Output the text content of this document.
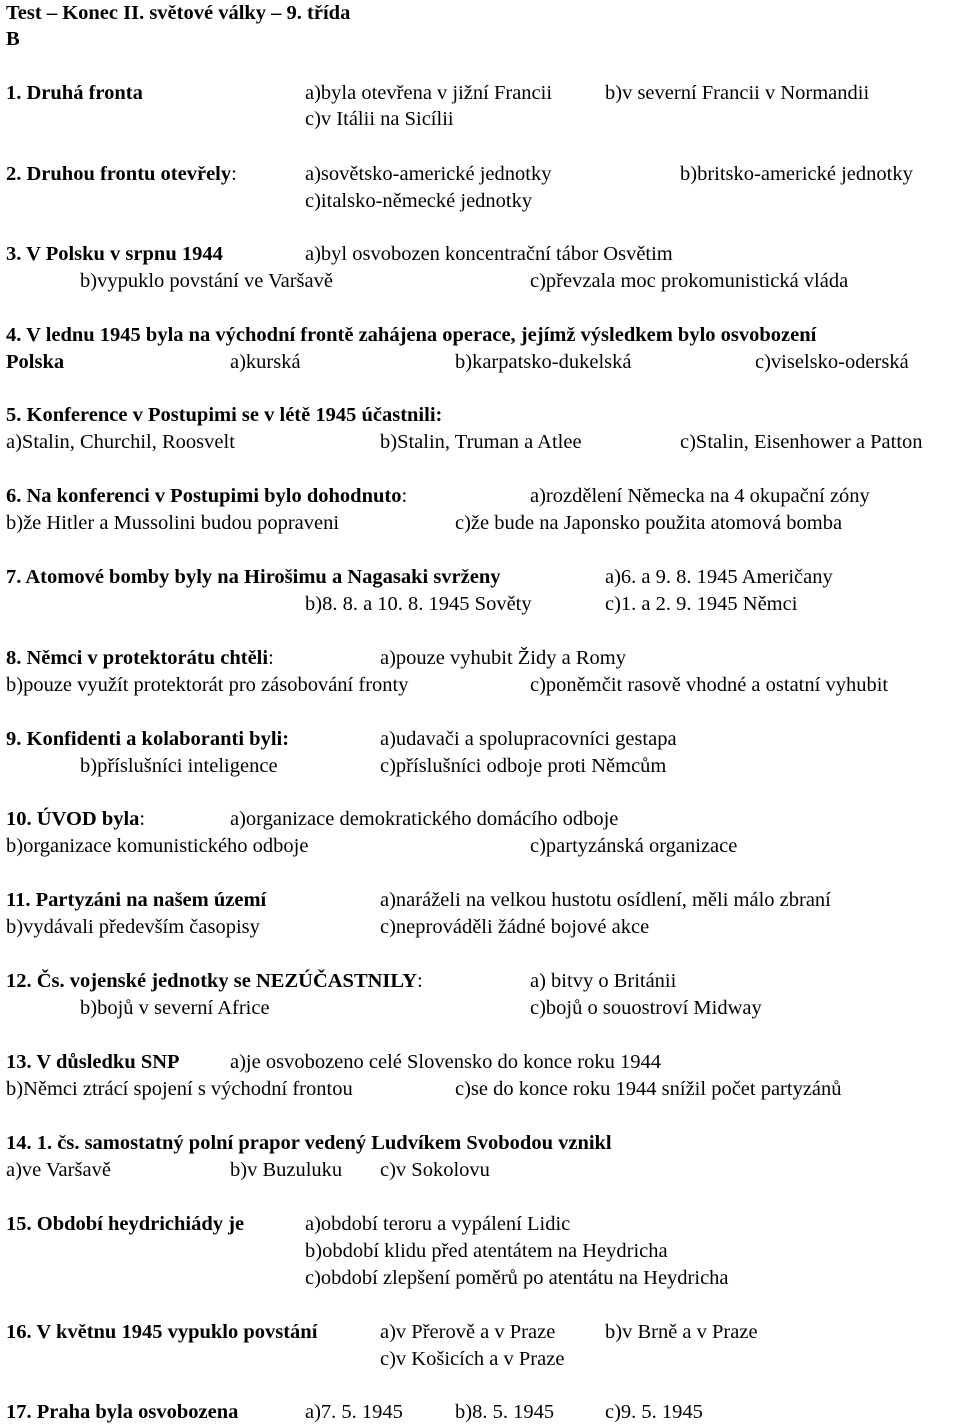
Test – Konec II. světové války – 9. třída
B
1. Druhá fronta	a)byla otevřena v jižní Francii	b)v severní Francii v Normandii
c)v Itálii na Sicílii
2. Druhou frontu otevřely:	a)sovětsko-americké jednotky	b)britsko-americké jednotky
c)italsko-německé jednotky
3. V Polsku v srpnu 1944	a)byl osvobozen koncentrační tábor Osvětim
b)vypuklo povstání ve Varšavě	c)převzala moc prokomunistická vláda
4. V lednu 1945 byla na východní frontě zahájena operace, jejímž výsledkem bylo osvobození
Polska	a)kurská	b)karpatsko-dukelská	c)viselsko-oderská
5. Konference v Postupimi se v létě 1945 účastnili:
a)Stalin, Churchil, Roosvelt	b)Stalin, Truman a Atlee	c)Stalin, Eisenhower a Patton
6. Na konferenci v Postupimi bylo dohodnuto:	a)rozdělení Německa na 4 okupační zóny
b)že Hitler a Mussolini budou popraveni	c)že bude na Japonsko použita atomová bomba
7. Atomové bomby byly na Hirošimu a Nagasaki svrženy	a)6. a 9. 8. 1945 Američany
b)8. 8. a 10. 8. 1945 Sověty	c)1. a 2. 9. 1945 Němci
8. Němci v protektorátu chtěli:	a)pouze vyhubit Židy a Romy
b)pouze využít protektorát pro zásobování fronty	c)poněmčit rasově vhodné a ostatní vyhubit
9. Konfidenti a kolaboranti byli:	a)udavači a spolupracovníci gestapa
b)příslušníci inteligence	c)příslušníci odboje proti Němcům
10. ÚVOD byla:	a)organizace demokratického domácího odboje
b)organizace komunistického odboje	c)partyzánská organizace
11. Partyzáni na našem území	a)naráželi na velkou hustotu osídlení, měli málo zbraní
b)vydávali především časopisy	c)neprováděli žádné bojové akce
12. Čs. vojenské jednotky se NEZÚČASTNILY:	a) bitvy o Británii
b)bojů v severní Africe	c)bojů o souostroví Midway
13. V důsledku SNP a)je osvobozeno celé Slovensko do konce roku 1944
b)Němci ztrácí spojení s východní frontou	c)se do konce roku 1944 snížil počet partyzánů
14. 1. čs. samostatný polní prapor vedený Ludvíkem Svobodou vznikl
a)ve Varšavě	b)v Buzuluku c)v Sokolovu
15. Období heydrichiády je	a)období teroru a vypálení Lidic
b)období klidu před atentátem na Heydricha
c)období zlepšení poměrů po atentátu na Heydricha
16. V květnu 1945 vypuklo povstání	a)v Přerově a v Praze b)v Brně a v Praze
c)v Košicích a v Praze
17. Praha byla osvobozena	a)7. 5. 1945	b)8. 5. 1945 c)9. 5. 1945
